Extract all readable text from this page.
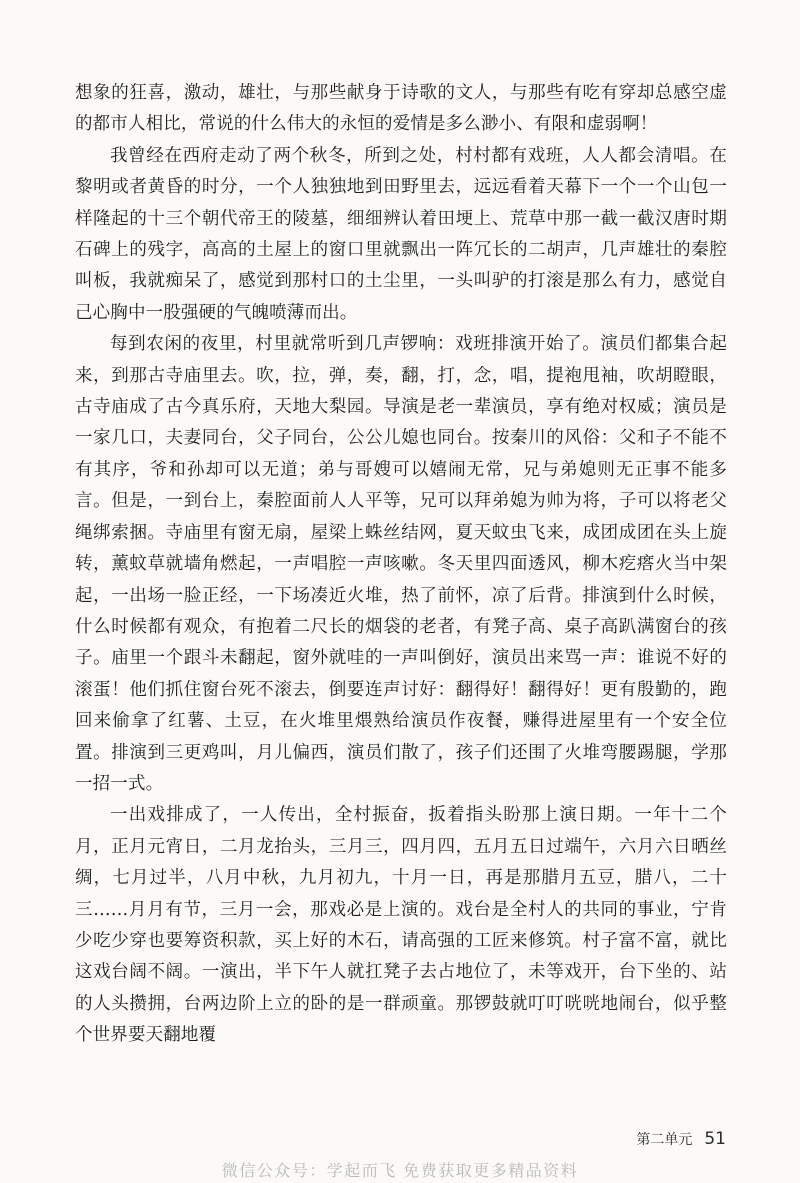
想象的狂喜，激动，雄壮，与那些献身于诗歌的文人，与那些有吃有穿却总感空虚的都市人相比，常说的什么伟大的永恒的爱情是多么渺小、有限和虚弱啊！

我曾经在西府走动了两个秋冬，所到之处，村村都有戏班，人人都会清唱。在黎明或者黄昏的时分，一个人独独地到田野里去，远远看着天幕下一个一个山包一样隆起的十三个朝代帝王的陵墓，细细辨认着田埂上、荒草中那一截一截汉唐时期石碑上的残字，高高的土屋上的窗口里就飘出一阵冗长的二胡声，几声雄壮的秦腔叫板，我就痴呆了，感觉到那村口的土尘里，一头叫驴的打滚是那么有力，感觉自己心胸中一股强硬的气魄喷薄而出。

每到农闲的夜里，村里就常听到几声锣响：戏班排演开始了。演员们都集合起来，到那古寺庙里去。吹，拉，弹，奏，翻，打，念，唱，提袍甩袖，吹胡瞪眼，古寺庙成了古今真乐府，天地大梨园。导演是老一辈演员，享有绝对权威；演员是一家几口，夫妻同台，父子同台，公公儿媳也同台。按秦川的风俗：父和子不能不有其序，爷和孙却可以无道；弟与哥嫂可以嬉闹无常，兄与弟媳则无正事不能多言。但是，一到台上，秦腔面前人人平等，兄可以拜弟媳为帅为将，子可以将老父绳绑索捆。寺庙里有窗无扇，屋梁上蛛丝结网，夏天蚊虫飞来，成团成团在头上旋转，薰蚊草就墙角燃起，一声唱腔一声咳嗽。冬天里四面透风，柳木疙瘩火当中架起，一出场一脸正经，一下场凑近火堆，热了前怀，凉了后背。排演到什么时候，什么时候都有观众，有抱着二尺长的烟袋的老者，有凳子高、桌子高趴满窗台的孩子。庙里一个跟斗未翻起，窗外就哇的一声叫倒好，演员出来骂一声：谁说不好的滚蛋！他们抓住窗台死不滚去，倒要连声讨好：翻得好！翻得好！更有殷勤的，跑回来偷拿了红薯、土豆，在火堆里煨熟给演员作夜餐，赚得进屋里有一个安全位置。排演到三更鸡叫，月儿偏西，演员们散了，孩子们还围了火堆弯腰踢腿，学那一招一式。

一出戏排成了，一人传出，全村振奋，扳着指头盼那上演日期。一年十二个月，正月元宵日，二月龙抬头，三月三，四月四，五月五日过端午，六月六日晒丝绸，七月过半，八月中秋，九月初九，十月一日，再是那腊月五豆，腊八，二十三……月月有节，三月一会，那戏必是上演的。戏台是全村人的共同的事业，宁肯少吃少穿也要筹资积款，买上好的木石，请高强的工匠来修筑。村子富不富，就比这戏台阔不阔。一演出，半下午人就扛凳子去占地位了，未等戏开，台下坐的、站的人头攒拥，台两边阶上立的卧的是一群顽童。那锣鼓就叮叮咣咣地闹台，似乎整个世界要天翻地覆

第二单元 51
微信公众号：学起而飞 免费获取更多精品资料
